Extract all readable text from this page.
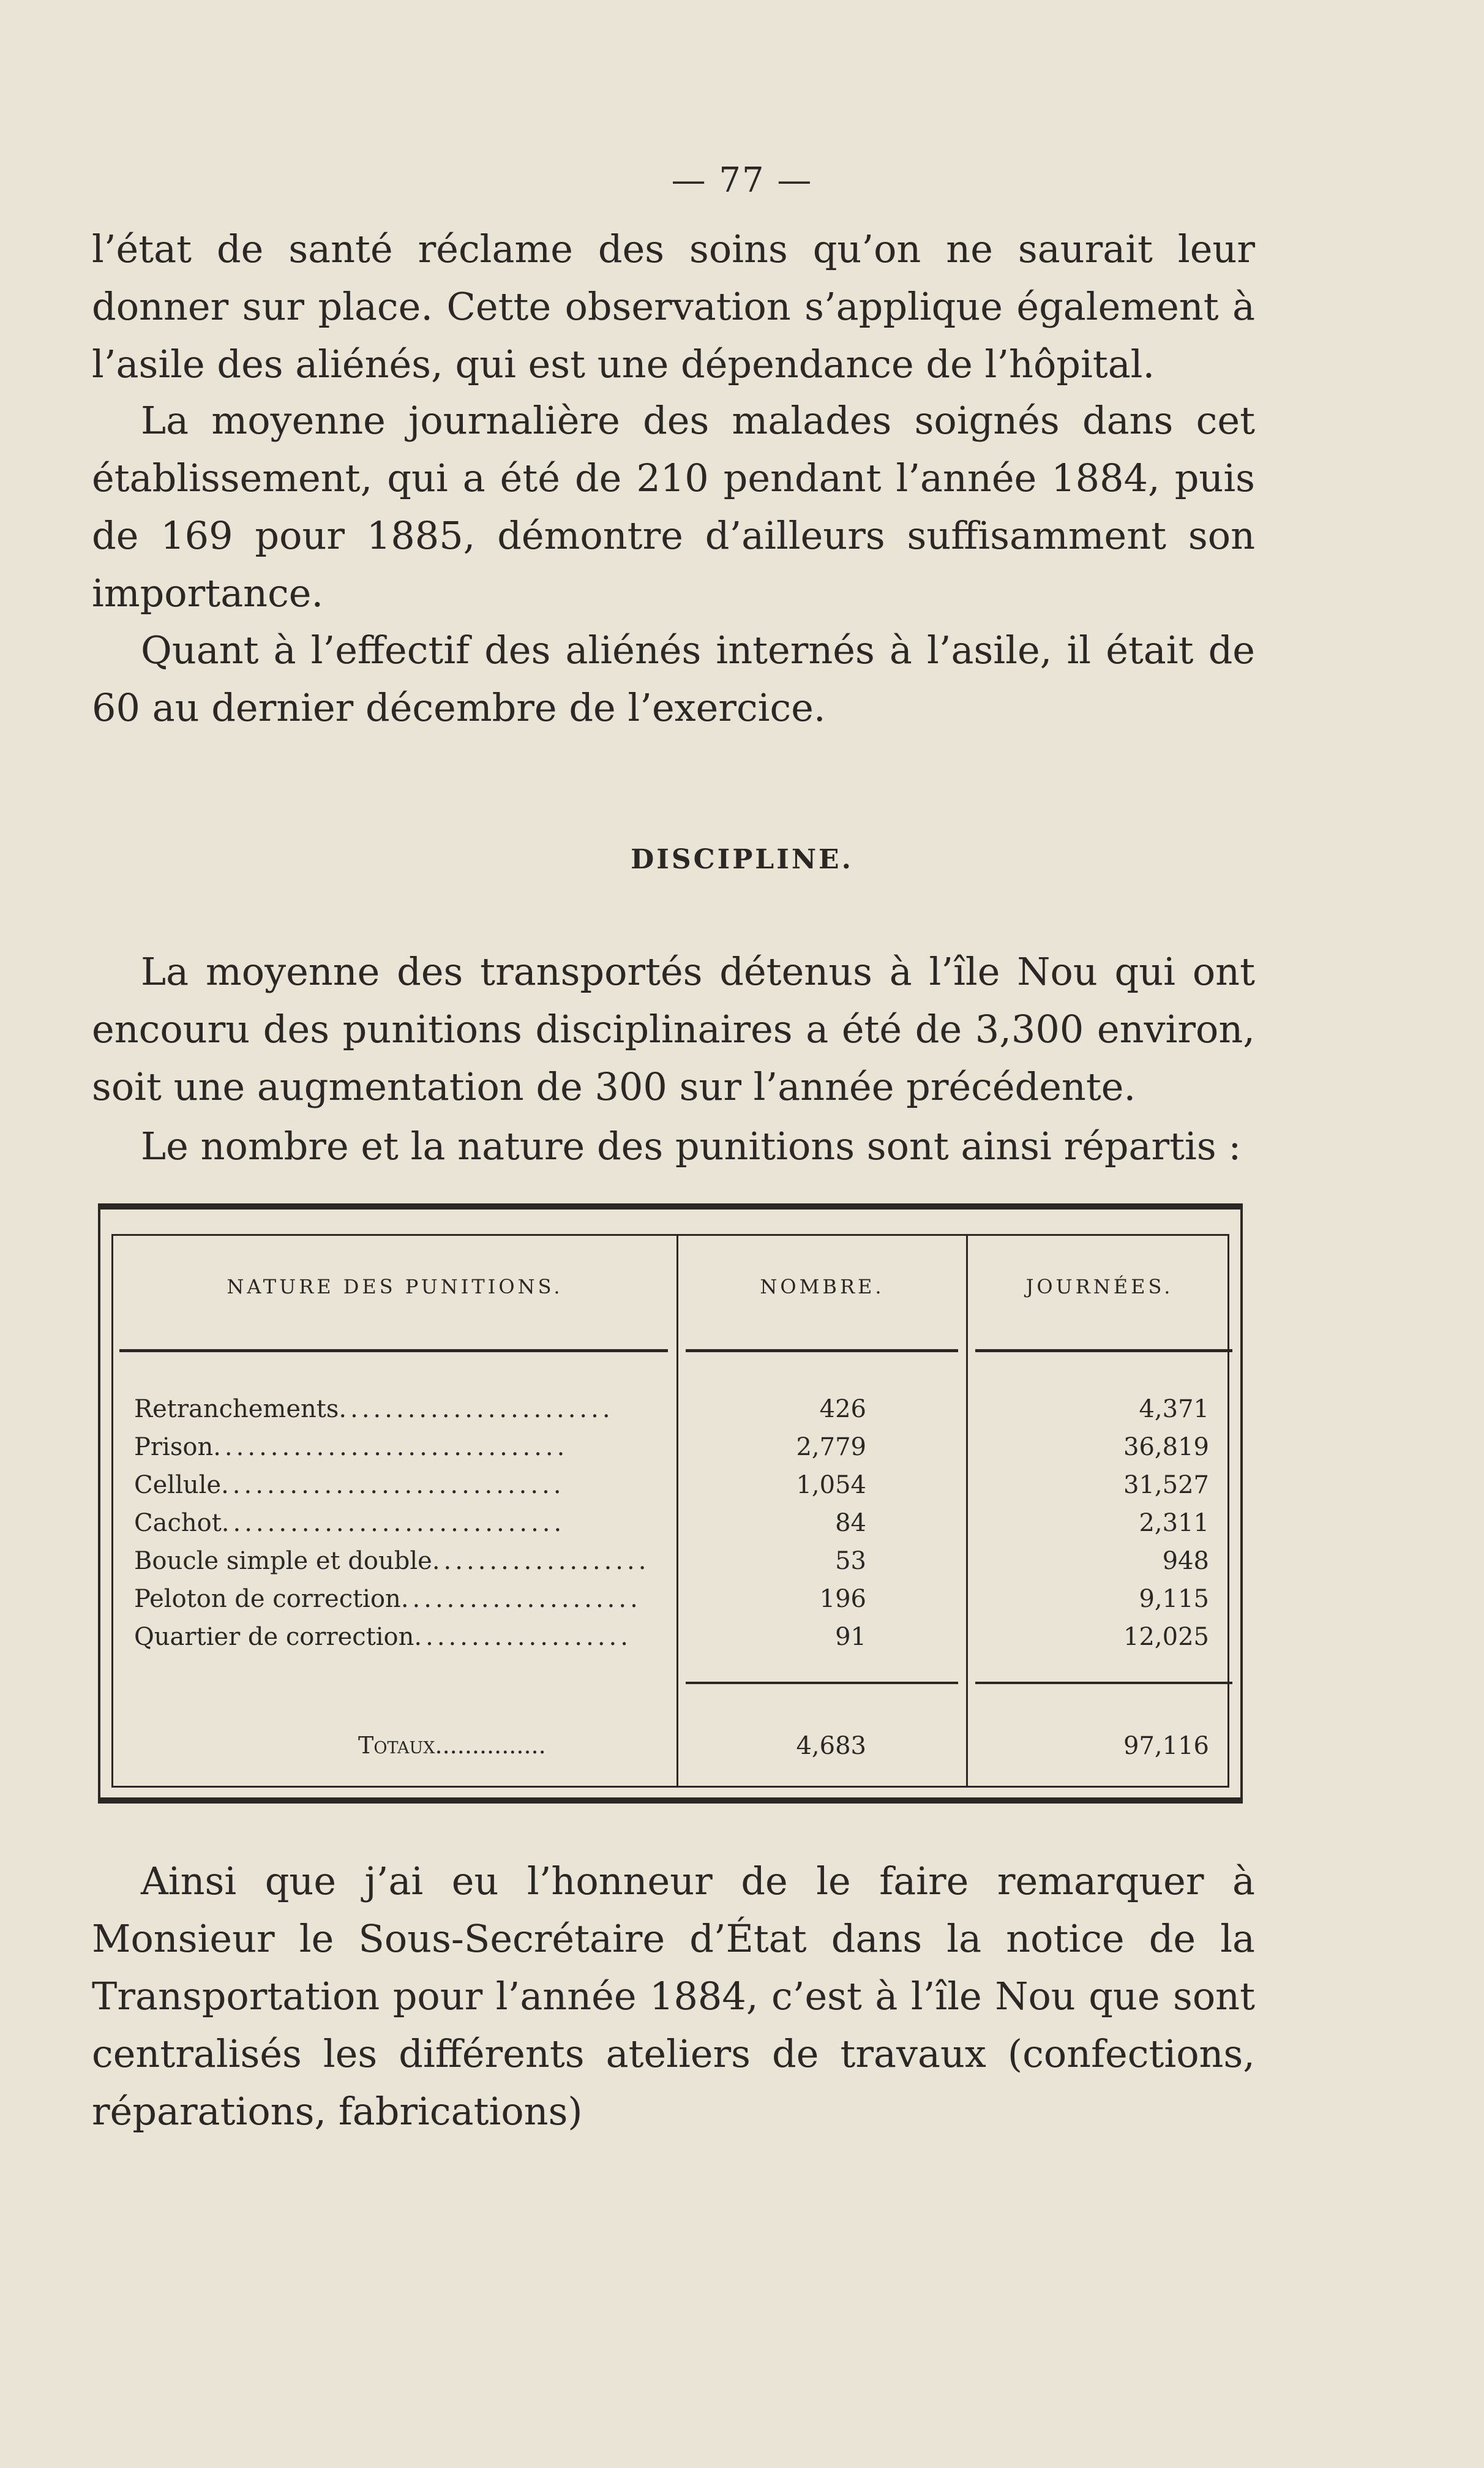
— 77 —

l’état de santé réclame des soins qu’on ne saurait leur donner sur place. Cette observation s’applique également à l’asile des aliénés, qui est une dépendance de l’hôpital.

La moyenne journalière des malades soignés dans cet établissement, qui a été de 210 pendant l’année 1884, puis de 169 pour 1885, démontre d’ailleurs suffisamment son importance.

Quant à l’effectif des aliénés internés à l’asile, il était de 60 au dernier décembre de l’exercice.

DISCIPLINE.

La moyenne des transportés détenus à l’île Nou qui ont encouru des punitions disciplinaires a été de 3,300 environ, soit une augmentation de 300 sur l’année précédente.

Le nombre et la nature des punitions sont ainsi répartis :

NATURE DES PUNITIONS.	NOMBRE.	JOURNÉES.
Retranchements........................	426	4,371
Prison...............................	2,779	36,819
Cellule..............................	1,054	31,527
Cachot..............................	84	2,311
Boucle simple et double...................	53	948
Peloton de correction.....................	196	9,115
Quartier de correction...................	91	12,025
Totaux...............	4,683	97,116

Ainsi que j’ai eu l’honneur de le faire remarquer à Monsieur le Sous-Secrétaire d’État dans la notice de la Transportation pour l’année 1884, c’est à l’île Nou que sont centralisés les différents ateliers de travaux (confections, réparations, fabrications)
